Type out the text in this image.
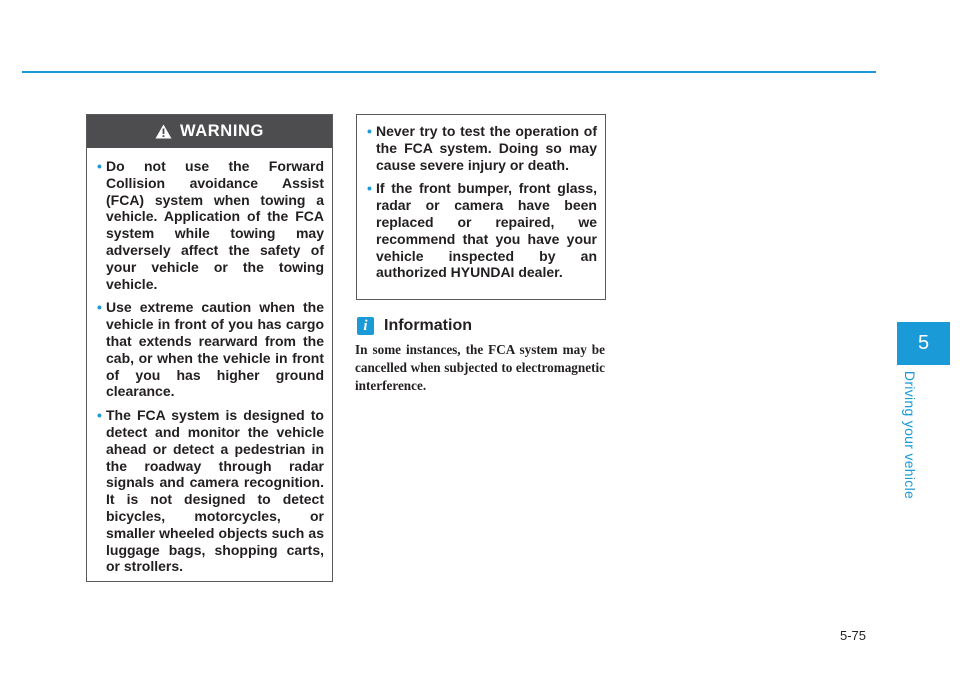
WARNING
• Do not use the Forward Collision avoidance Assist (FCA) system when towing a vehicle. Application of the FCA system while towing may adversely affect the safety of your vehicle or the towing vehicle.
• Use extreme caution when the vehicle in front of you has cargo that extends rearward from the cab, or when the vehicle in front of you has higher ground clearance.
• The FCA system is designed to detect and monitor the vehicle ahead or detect a pedestrian in the roadway through radar signals and camera recognition. It is not designed to detect bicycles, motorcycles, or smaller wheeled objects such as luggage bags, shopping carts, or strollers.
• Never try to test the operation of the FCA system. Doing so may cause severe injury or death.
• If the front bumper, front glass, radar or camera have been replaced or repaired, we recommend that you have your vehicle inspected by an authorized HYUNDAI dealer.
i	Information
In some instances, the FCA system may be cancelled when subjected to electromagnetic interference.
5
Driving your vehicle
5-75
